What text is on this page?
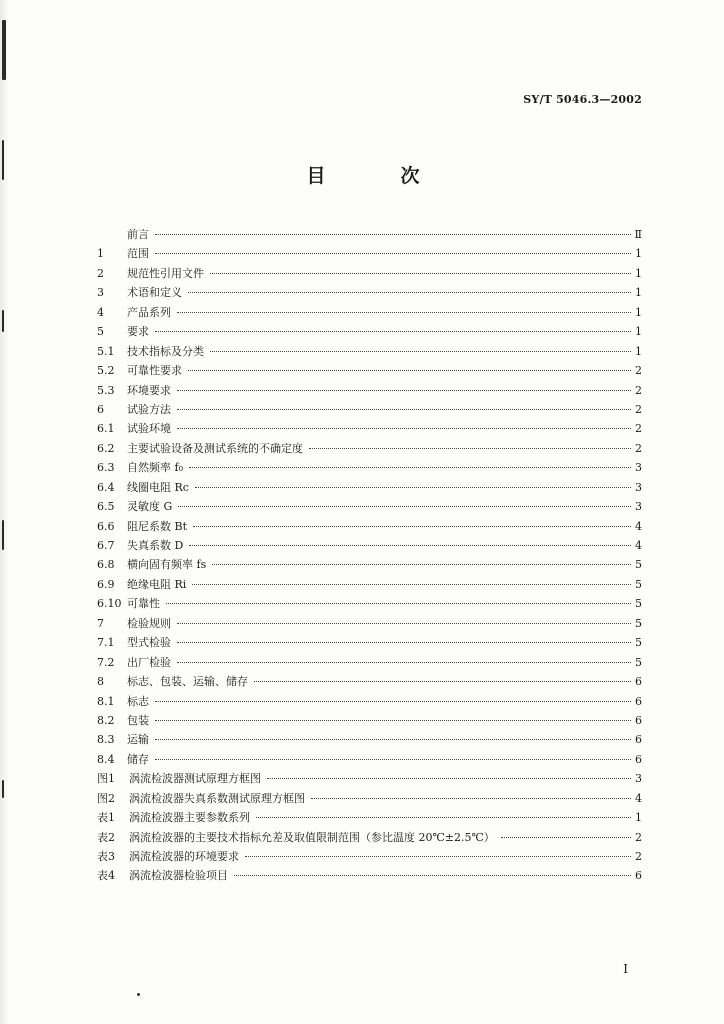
SY/T 5046.3—2002
目　次
前言	Ⅱ
1	范围	1
2	规范性引用文件	1
3	术语和定义	1
4	产品系列	1
5	要求	1
5.1	技术指标及分类	1
5.2	可靠性要求	2
5.3	环境要求	2
6	试验方法	2
6.1	试验环境	2
6.2	主要试验设备及测试系统的不确定度	2
6.3	自然频率 f₀	3
6.4	线圈电阻 Rc	3
6.5	灵敏度 G	3
6.6	阻尼系数 Bt	4
6.7	失真系数 D	4
6.8	横向固有频率 fs	5
6.9	绝缘电阻 Ri	5
6.10 可靠性	5
7	检验规则	5
7.1	型式检验	5
7.2	出厂检验	5
8	标志、包装、运输、储存	6
8.1	标志	6
8.2	包装	6
8.3	运输	6
8.4	储存	6
图1	涡流检波器测试原理方框图	3
图2	涡流检波器失真系数测试原理方框图	4
表1	涡流检波器主要参数系列	1
表2	涡流检波器的主要技术指标允差及取值限制范围（参比温度 20℃±2.5℃）	2
表3	涡流检波器的环境要求	2
表4	涡流检波器检验项目	6
Ⅰ
